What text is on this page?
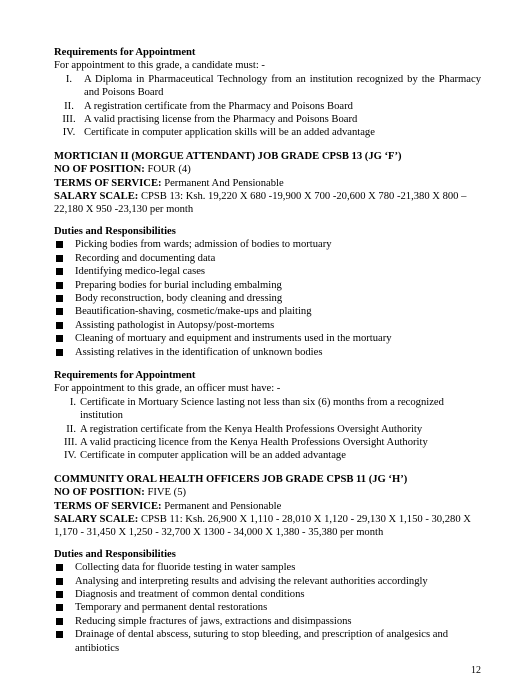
Requirements for Appointment
For appointment to this grade, a candidate must: -
I.	A Diploma in Pharmaceutical Technology from an institution recognized by the Pharmacy and Poisons Board
II. A registration certificate from the Pharmacy and Poisons Board
III. A valid practising license from the Pharmacy and Poisons Board
IV. Certificate in computer application skills will be an added advantage
MORTICIAN II (MORGUE ATTENDANT) JOB GRADE CPSB 13 (JG ‘F’)
NO OF POSITION: FOUR (4)
TERMS OF SERVICE: Permanent And Pensionable
SALARY SCALE: CPSB 13: Ksh. 19,220 X 680 -19,900 X 700 -20,600 X 780 -21,380 X 800 – 22,180 X 950 -23,130 per month
Duties and Responsibilities
Picking bodies from wards; admission of bodies to mortuary
Recording and documenting data
Identifying medico-legal cases
Preparing bodies for burial including embalming
Body reconstruction, body cleaning and dressing
Beautification-shaving, cosmetic/make-ups and plaiting
Assisting pathologist in Autopsy/post-mortems
Cleaning of mortuary and equipment and instruments used in the mortuary
Assisting relatives in the identification of unknown bodies
Requirements for Appointment
For appointment to this grade, an officer must have: -
I. Certificate in Mortuary Science lasting not less than six (6) months from a recognized institution
II. A registration certificate from the Kenya Health Professions Oversight Authority
III. A valid practicing licence from the Kenya Health Professions Oversight Authority
IV. Certificate in computer application will be an added advantage
COMMUNITY ORAL HEALTH OFFICERS JOB GRADE CPSB 11 (JG ‘H’)
NO OF POSITION: FIVE (5)
TERMS OF SERVICE: Permanent and Pensionable
SALARY SCALE: CPSB 11: Ksh. 26,900 X 1,110 - 28,010 X 1,120 - 29,130 X 1,150 - 30,280 X 1,170 - 31,450 X 1,250 - 32,700 X 1300 - 34,000 X 1,380 - 35,380 per month
Duties and Responsibilities
Collecting data for fluoride testing in water samples
Analysing and interpreting results and advising the relevant authorities accordingly
Diagnosis and treatment of common dental conditions
Temporary and permanent dental restorations
Reducing simple fractures of jaws, extractions and disimpassions
Drainage of dental abscess, suturing to stop bleeding, and prescription of analgesics and antibiotics
12
